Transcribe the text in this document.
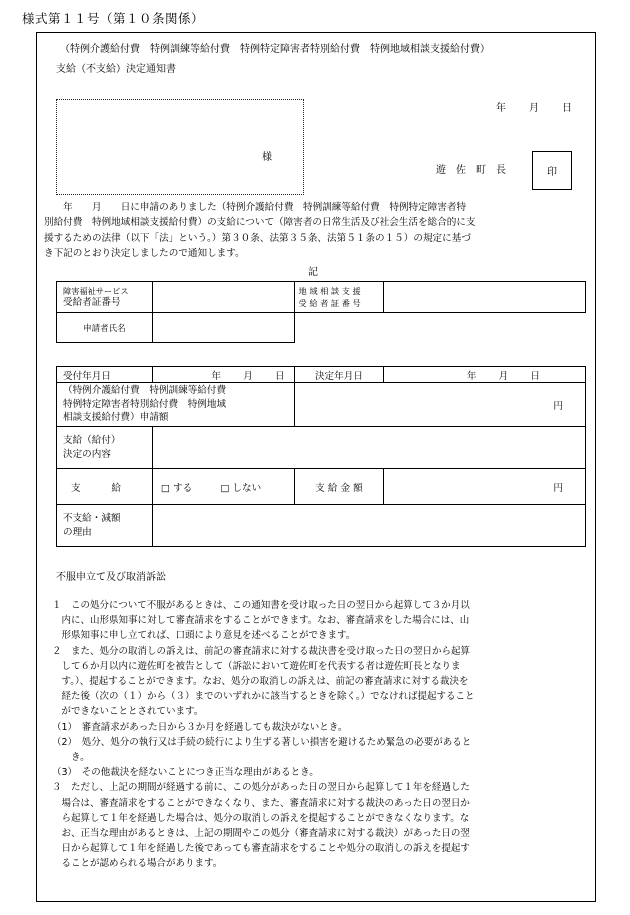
様式第１１号（第１０条関係）
（特例介護給付費　特例訓練等給付費　特例特定障害者特別給付費　特例地域相談支援給付費）
支給（不支給）決定通知書
年　　月　　日
様
遊　佐　町　長	印
　　年　　月　　日に申請のありました（特例介護給付費　特例訓練等給付費　特例特定障害者特
別給付費　特例地域相談支援給付費）の支給について（障害者の日常生活及び社会生活を総合的に支
援するための法律（以下「法」という。）第３０条、法第３５条、法第５１条の１５）の規定に基づ
き下記のとおり決定しましたので通知します。
記
障害福祉サービス
受給者証番号		地 域 相 談 支 援
受 給 者 証 番 号	

申請者氏名			
受付年月日	年　　月　　日	決定年月日	年　　月　　日

（特例介護給付費　特例訓練等給付費
特例特定障害者特別給付費　特例地域
相談支援給付費）申請額		円	

支給（給付）
決定の内容			

支　　　給	□ する □ しない	支 給 金 額	円

不支給・減額
の理由			

不服申立て及び取消訴訟
１　この処分について不服があるときは、この通知書を受け取った日の翌日から起算して３か月以
　内に、山形県知事に対して審査請求をすることができます。なお、審査請求をした場合には、山
　形県知事に申し立てれば、口頭により意見を述べることができます。
２　また、処分の取消しの訴えは、前記の審査請求に対する裁決書を受け取った日の翌日から起算
　して６か月以内に遊佐町を被告として（訴訟において遊佐町を代表する者は遊佐町長となりま
　す。）、提起することができます。なお、処分の取消しの訴えは、前記の審査請求に対する裁決を
　経た後（次の（１）から（３）までのいずれかに該当するときを除く。）でなければ提起すること
　ができないこととされています。
（1）　審査請求があった日から３か月を経過しても裁決がないとき。
（2）　処分、処分の執行又は手続の続行により生ずる著しい損害を避けるため緊急の必要があると
　　き。
（3）　その他裁決を経ないことにつき正当な理由があるとき。
３　ただし、上記の期間が経過する前に、この処分があった日の翌日から起算して１年を経過した
　場合は、審査請求をすることができなくなり、また、審査請求に対する裁決のあった日の翌日か
　ら起算して１年を経過した場合は、処分の取消しの訴えを提起することができなくなります。な
　お、正当な理由があるときは、上記の期間やこの処分（審査請求に対する裁決）があった日の翌
　日から起算して１年を経過した後であっても審査請求をすることや処分の取消しの訴えを提起す
　ることが認められる場合があります。
